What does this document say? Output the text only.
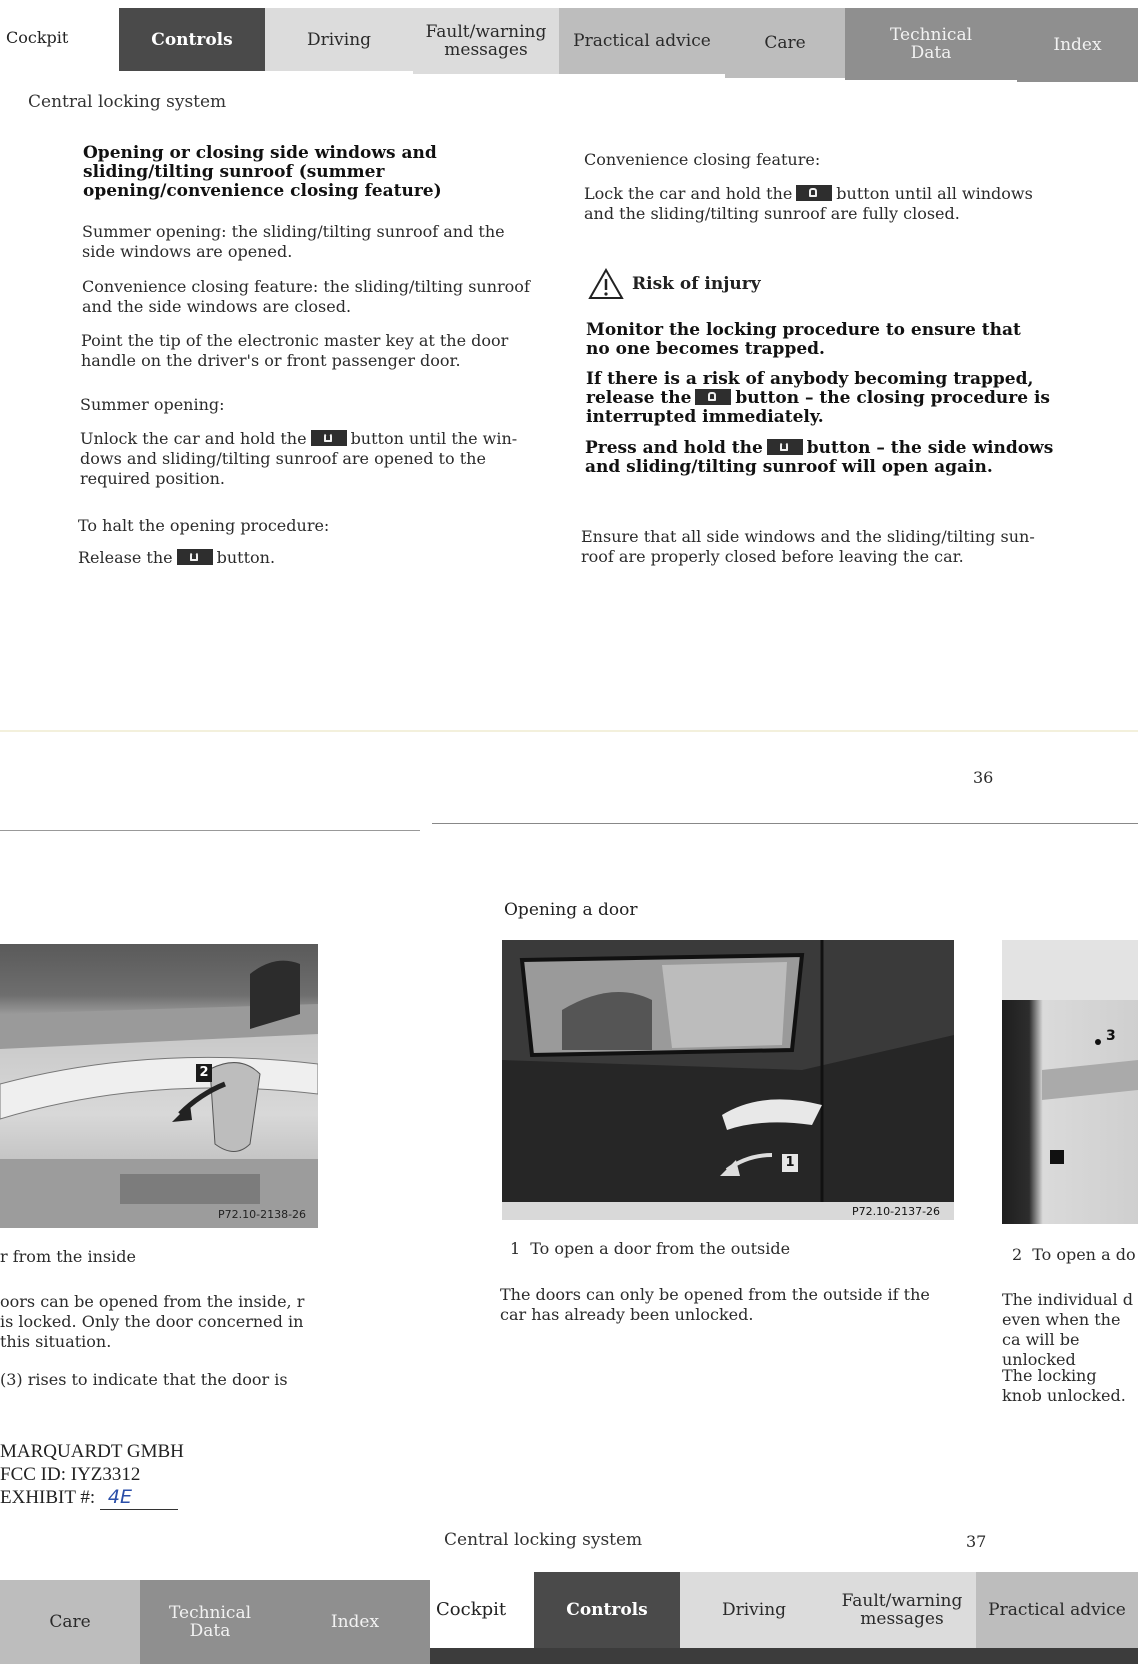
Cockpit	Controls	Driving	Fault/warning messages	Practical advice	Care	Technical Data	Index
Central locking system
Opening or closing side windows and sliding/tilting sunroof (summer opening/convenience closing feature)
Summer opening: the sliding/tilting sunroof and the side windows are opened.
Convenience closing feature: the sliding/tilting sunroof and the side windows are closed.
Point the tip of the electronic master key at the door handle on the driver's or front passenger door.
Summer opening:
Unlock the car and hold the	button until the win-
dows and sliding/tilting sunroof are opened to the required position.
To halt the opening procedure:
Release the	button.
Convenience closing feature:
Lock the car and hold the	button until all windows
and the sliding/tilting sunroof are fully closed.
Risk of injury
Monitor the locking procedure to ensure that no one becomes trapped.
If there is a risk of anybody becoming trapped,
release the	button – the closing procedure is
interrupted immediately.
Press and hold the	button – the side windows
and sliding/tilting sunroof will open again.
Ensure that all side windows and the sliding/tilting sun- roof are properly closed before leaving the car.
36
Opening a door
2
P72.10-2138-26
r from the inside
oors can be opened from the inside, r is locked. Only the door concerned in this situation.
(3) rises to indicate that the door is
1
P72.10-2137-26
1 To open a door from the outside
The doors can only be opened from the outside if the car has already been unlocked.
3
2 To open a do
The individual d even when the ca will be unlocked
The locking knob unlocked.
MARQUARDT GMBH
FCC ID: IYZ3312
EXHIBIT #: 4E
Central locking system	37
Care	Technical Data	Index
Cockpit	Controls	Driving	Fault/warning messages	Practical advice
